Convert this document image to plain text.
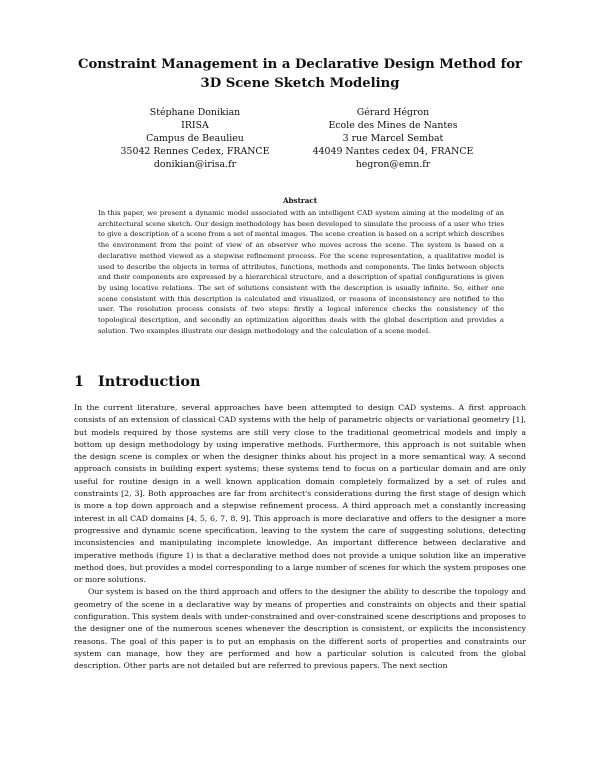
Constraint Management in a Declarative Design Method for
3D Scene Sketch Modeling
Stéphane Donikian
IRISA
Campus de Beaulieu
35042 Rennes Cedex, FRANCE
donikian@irisa.fr
Gérard Hégron
Ecole des Mines de Nantes
3 rue Marcel Sembat
44049 Nantes cedex 04, FRANCE
hegron@emn.fr
Abstract

In this paper, we present a dynamic model associated with an intelligent CAD system aiming at the modeling of an architectural scene sketch. Our design methodology has been developed to simulate the process of a user who tries to give a description of a scene from a set of mental images. The scene creation is based on a script which describes the environment from the point of view of an observer who moves across the scene. The system is based on a declarative method viewed as a stepwise refinement process. For the scene representation, a qualitative model is used to describe the objects in terms of attributes, functions, methods and components. The links between objects and their components are expressed by a hierarchical structure, and a description of spatial configurations is given by using locative relations. The set of solutions consistent with the description is usually infinite. So, either one scene consistent with this description is calculated and visualized, or reasons of inconsistency are notified to the user. The resolution process consists of two steps: firstly a logical inference checks the consistency of the topological description, and secondly an optimization algorithm deals with the global description and provides a solution. Two examples illustrate our design methodology and the calculation of a scene model.

1 Introduction

In the current literature, several approaches have been attempted to design CAD systems. A first approach consists of an extension of classical CAD systems with the help of parametric objects or variational geometry [1], but models required by those systems are still very close to the traditional geometrical models and imply a bottom up design methodology by using imperative methods. Furthermore, this approach is not suitable when the design scene is complex or when the designer thinks about his project in a more semantical way. A second approach consists in building expert systems; these systems tend to focus on a particular domain and are only useful for routine design in a well known application domain completely formalized by a set of rules and constraints [2, 3]. Both approaches are far from architect's considerations during the first stage of design which is more a top down approach and a stepwise refinement process. A third approach met a constantly increasing interest in all CAD domains [4, 5, 6, 7, 8, 9]. This approach is more declarative and offers to the designer a more progressive and dynamic scene specification, leaving to the system the care of suggesting solutions, detecting inconsistencies and manipulating incomplete knowledge. An important difference between declarative and imperative methods (figure 1) is that a declarative method does not provide a unique solution like an imperative method does, but provides a model corresponding to a large number of scenes for which the system proposes one or more solutions.

Our system is based on the third approach and offers to the designer the ability to describe the topology and geometry of the scene in a declarative way by means of properties and constraints on objects and their spatial configuration. This system deals with under-constrained and over-constrained scene descriptions and proposes to the designer one of the numerous scenes whenever the description is consistent, or explicits the inconsistency reasons. The goal of this paper is to put an emphasis on the different sorts of properties and constraints our system can manage, how they are performed and how a particular solution is calcuted from the global description. Other parts are not detailed but are referred to previous papers. The next section
